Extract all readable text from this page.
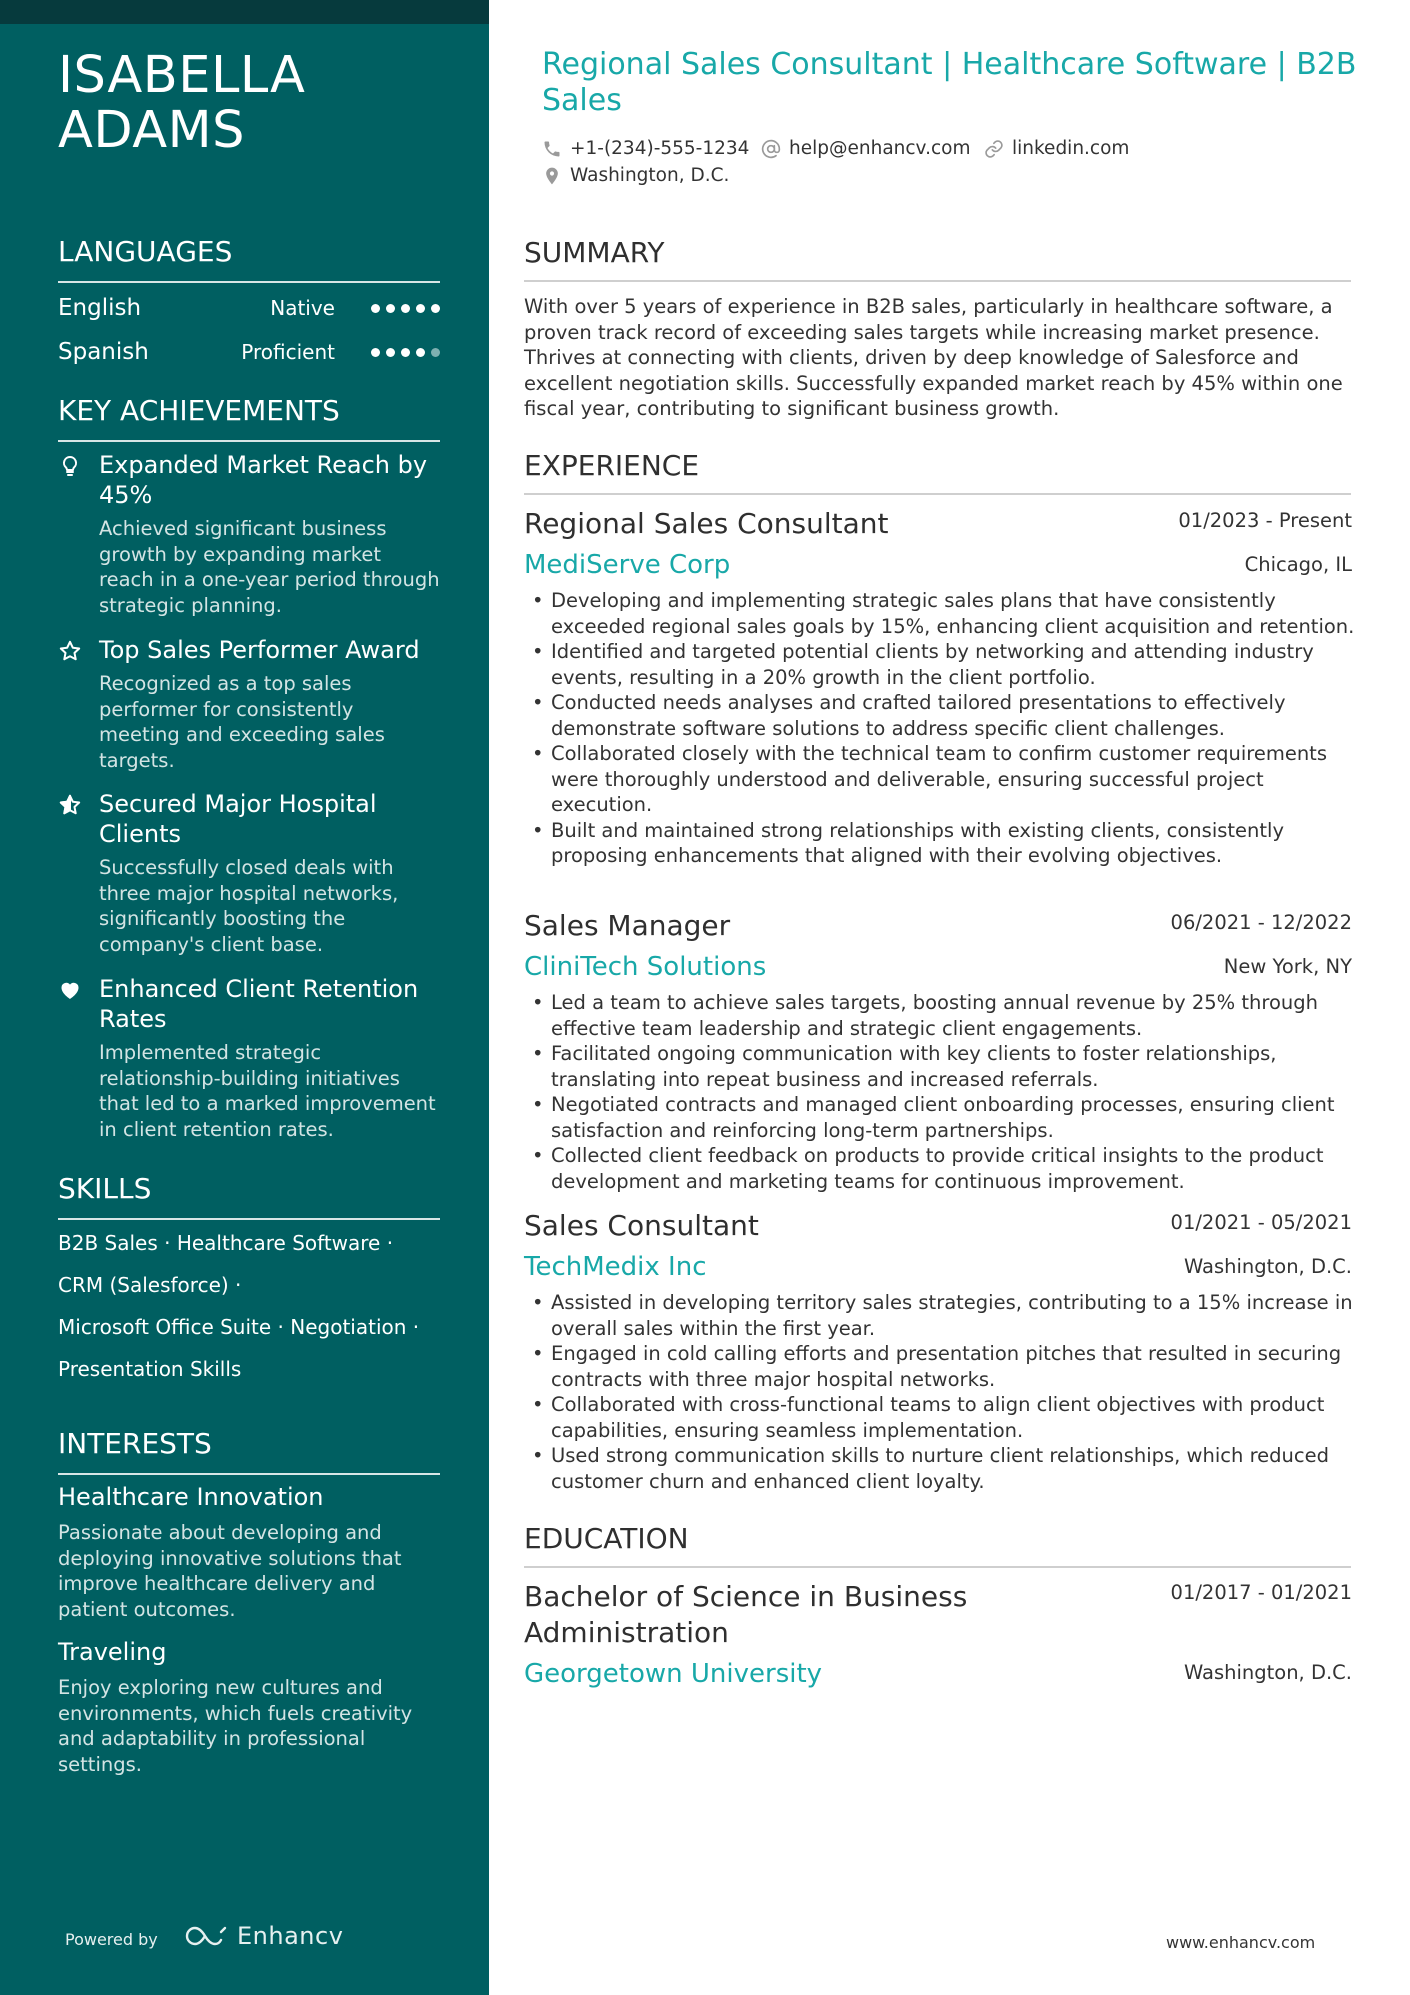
ISABELLA
ADAMS
LANGUAGES
English	Native
Spanish	Proficient
KEY ACHIEVEMENTS
Expanded Market Reach by 45%
Achieved significant business growth by expanding market reach in a one-year period through strategic planning.
Top Sales Performer Award
Recognized as a top sales performer for consistently meeting and exceeding sales targets.
Secured Major Hospital Clients
Successfully closed deals with three major hospital networks, significantly boosting the company's client base.
Enhanced Client Retention Rates
Implemented strategic relationship-building initiatives that led to a marked improvement in client retention rates.
SKILLS
B2B Sales · Healthcare Software ·
CRM (Salesforce) ·
Microsoft Office Suite · Negotiation ·
Presentation Skills
INTERESTS
Healthcare Innovation
Passionate about developing and deploying innovative solutions that improve healthcare delivery and patient outcomes.
Traveling
Enjoy exploring new cultures and environments, which fuels creativity and adaptability in professional settings.
Powered by	Enhancv
Regional Sales Consultant | Healthcare Software | B2B Sales
+1-(234)-555-1234 help@enhancv.com linkedin.com
Washington, D.C.
SUMMARY
With over 5 years of experience in B2B sales, particularly in healthcare software, a proven track record of exceeding sales targets while increasing market presence. Thrives at connecting with clients, driven by deep knowledge of Salesforce and excellent negotiation skills. Successfully expanded market reach by 45% within one fiscal year, contributing to significant business growth.
EXPERIENCE
Regional Sales Consultant	01/2023 - Present
MediServe Corp	Chicago, IL
• Developing and implementing strategic sales plans that have consistently exceeded regional sales goals by 15%, enhancing client acquisition and retention.
• Identified and targeted potential clients by networking and attending industry events, resulting in a 20% growth in the client portfolio.
• Conducted needs analyses and crafted tailored presentations to effectively demonstrate software solutions to address specific client challenges.
• Collaborated closely with the technical team to confirm customer requirements were thoroughly understood and deliverable, ensuring successful project execution.
• Built and maintained strong relationships with existing clients, consistently proposing enhancements that aligned with their evolving objectives.
Sales Manager	06/2021 - 12/2022
CliniTech Solutions	New York, NY
• Led a team to achieve sales targets, boosting annual revenue by 25% through effective team leadership and strategic client engagements.
• Facilitated ongoing communication with key clients to foster relationships, translating into repeat business and increased referrals.
• Negotiated contracts and managed client onboarding processes, ensuring client satisfaction and reinforcing long-term partnerships.
• Collected client feedback on products to provide critical insights to the product development and marketing teams for continuous improvement.
Sales Consultant	01/2021 - 05/2021
TechMedix Inc	Washington, D.C.
• Assisted in developing territory sales strategies, contributing to a 15% increase in overall sales within the first year.
• Engaged in cold calling efforts and presentation pitches that resulted in securing contracts with three major hospital networks.
• Collaborated with cross-functional teams to align client objectives with product capabilities, ensuring seamless implementation.
• Used strong communication skills to nurture client relationships, which reduced customer churn and enhanced client loyalty.
EDUCATION
Bachelor of Science in Business Administration
01/2017 - 01/2021
Georgetown University	Washington, D.C.
www.enhancv.com
